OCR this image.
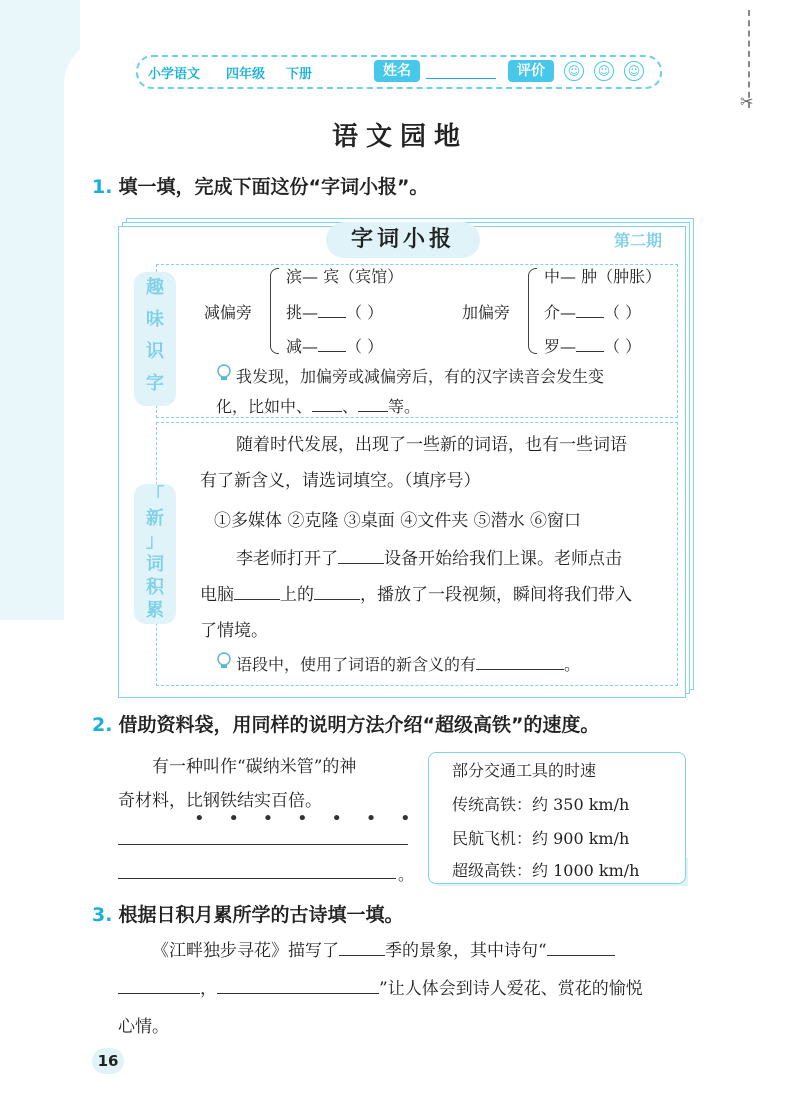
✂
小学语文 四年级 下册	姓名	评价	☺	☺	☺
语文园地
1. 填一填，完成下面这份“字词小报”。
字词小报	第二期
趣
味
识
字
减偏旁
滨— 宾（宾馆）
挑— （ ）
减— （ ）
加偏旁
中— 肿（肿胀）
介— （ ）
罗— （ ）
我发现，加偏旁或减偏旁后，有的汉字读音会发生变
化，比如中、 、 等。
「
新
」
词
积
累
随着时代发展，出现了一些新的词语，也有一些词语
有了新含义，请选词填空。（填序号）
①多媒体 ②克隆 ③桌面 ④文件夹 ⑤潜水 ⑥窗口
李老师打开了	设备开始给我们上课。老师点击
电脑	上的	，播放了一段视频，瞬间将我们带入
了情境。
语段中，使用了词语的新含义的有	。
2. 借助资料袋，用同样的说明方法介绍“超级高铁”的速度。
有一种叫作“碳纳米管”的神
奇材料，比钢铁结实百倍。
• • • • • • •
。
部分交通工具的时速
传统高铁：约 350 km/h
民航飞机：约 900 km/h
超级高铁：约 1000 km/h
3. 根据日积月累所学的古诗填一填。
《江畔独步寻花》描写了	季的景象，其中诗句“
，	”让人体会到诗人爱花、赏花的愉悦
心情。
16
